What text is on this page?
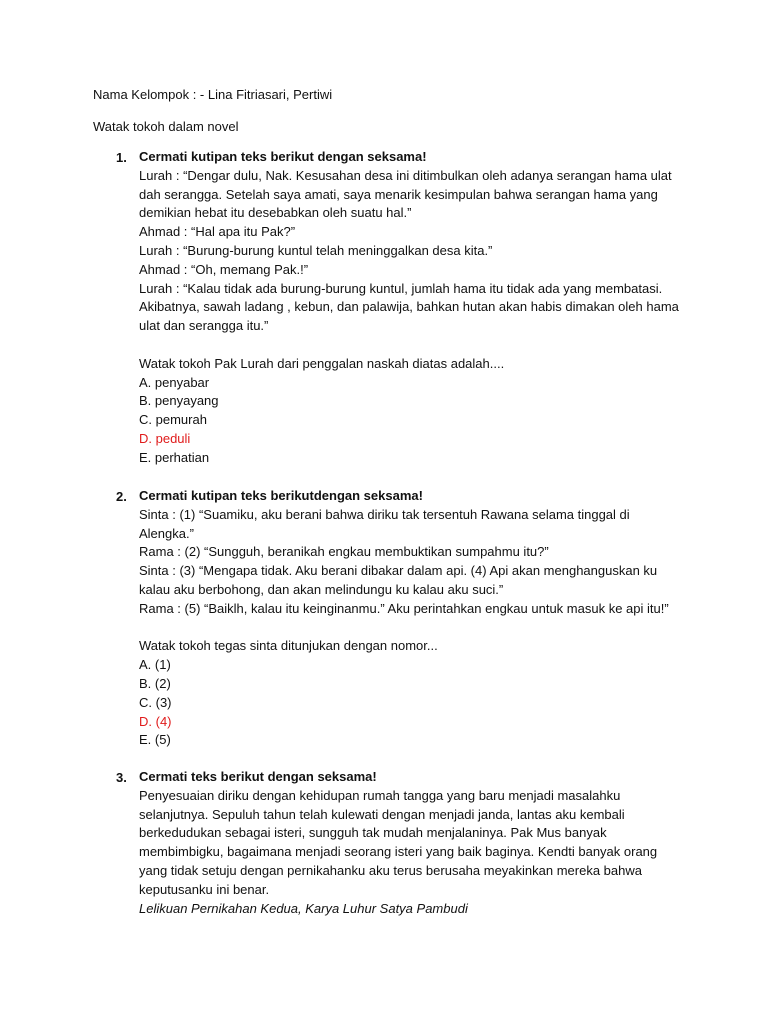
Nama Kelompok : - Lina Fitriasari, Pertiwi
Watak tokoh dalam novel
1. Cermati kutipan teks berikut dengan seksama!
Lurah : “Dengar dulu, Nak. Kesusahan desa ini ditimbulkan oleh adanya serangan hama ulat
dah serangga. Setelah saya amati, saya menarik kesimpulan bahwa serangan hama yang
demikian hebat itu desebabkan oleh suatu hal.”
Ahmad : “Hal apa itu Pak?”
Lurah : “Burung-burung kuntul telah meninggalkan desa kita.”
Ahmad : “Oh, memang Pak.!”
Lurah : “Kalau tidak ada burung-burung kuntul, jumlah hama itu tidak ada yang membatasi.
Akibatnya, sawah ladang , kebun, dan palawija, bahkan hutan akan habis dimakan oleh hama
ulat dan serangga itu.”
Watak tokoh Pak Lurah dari penggalan naskah diatas adalah....
A. penyabar
B. penyayang
C. pemurah
D. peduli
E. perhatian
2. Cermati kutipan teks berikutdengan seksama!
Sinta : (1) “Suamiku, aku berani bahwa diriku tak tersentuh Rawana selama tinggal di
Alengka.”
Rama : (2) “Sungguh, beranikah engkau membuktikan sumpahmu itu?”
Sinta : (3) “Mengapa tidak. Aku berani dibakar dalam api. (4) Api akan menghanguskan ku
kalau aku berbohong, dan akan melindungu ku kalau aku suci.”
Rama : (5) “Baiklh, kalau itu keinginanmu.” Aku perintahkan engkau untuk masuk ke api itu!”
Watak tokoh tegas sinta ditunjukan dengan nomor...
A. (1)
B. (2)
C. (3)
D. (4)
E. (5)
3. Cermati teks berikut dengan seksama!
Penyesuaian diriku dengan kehidupan rumah tangga yang baru menjadi masalahku
selanjutnya. Sepuluh tahun telah kulewati dengan menjadi janda, lantas aku kembali
berkedudukan sebagai isteri, sungguh tak mudah menjalaninya. Pak Mus banyak
membimbigku, bagaimana menjadi seorang isteri yang baik baginya. Kendti banyak orang
yang tidak setuju dengan pernikahanku aku terus berusaha meyakinkan mereka bahwa
keputusanku ini benar.
Lelikuan Pernikahan Kedua, Karya Luhur Satya Pambudi
